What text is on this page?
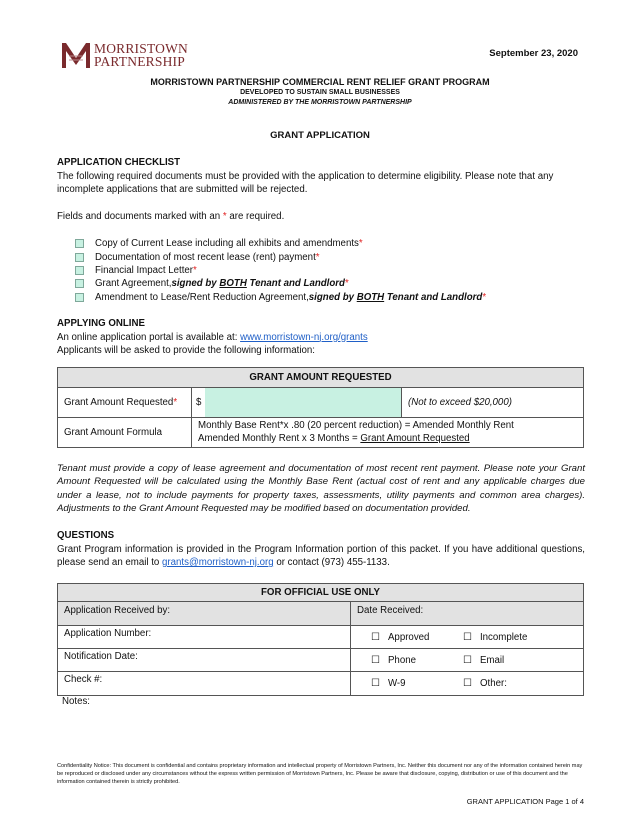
MORRISTOWN
PARTNERSHIP
September 23, 2020
MORRISTOWN PARTNERSHIP COMMERCIAL RENT RELIEF GRANT PROGRAM
DEVELOPED TO SUSTAIN SMALL BUSINESSES
ADMINISTERED BY THE MORRISTOWN PARTNERSHIP
GRANT APPLICATION
APPLICATION CHECKLIST
The following required documents must be provided with the application to determine eligibility. Please note that any incomplete applications that are submitted will be rejected.
Fields and documents marked with an * are required.
Copy of Current Lease including all exhibits and amendments *
Documentation of most recent lease (rent) payment *
Financial Impact Letter *
Grant Agreement, signed by BOTH Tenant and Landlord *
Amendment to Lease/Rent Reduction Agreement, signed by BOTH Tenant and Landlord *
APPLYING ONLINE
An online application portal is available at: www.morristown-nj.org/grants
Applicants will be asked to provide the following information:
GRANT AMOUNT REQUESTED		
Grant Amount Requested*	$	(Not to exceed $20,000)
Grant Amount Formula	Monthly Base Rent*x .80 (20 percent reduction) = Amended Monthly Rent
Amended Monthly Rent x 3 Months = Grant Amount Requested	
Tenant must provide a copy of lease agreement and documentation of most recent rent payment. Please note your Grant Amount Requested will be calculated using the Monthly Base Rent (actual cost of rent and any applicable charges due under a lease, not to include payments for property taxes, assessments, utility payments and common area charges). Adjustments to the Grant Amount Requested may be modified based on documentation provided.
QUESTIONS
Grant Program information is provided in the Program Information portion of this packet. If you have additional questions, please send an email to grants@morristown-nj.org or contact (973) 455-1133.
FOR OFFICIAL USE ONLY	
Application Received by:	Date Received:
Application Number:	☐ Approved ☐ Incomplete
Notification Date:	☐ Phone ☐ Email
Check #:	☐ W-9 ☐ Other:
Notes:
Confidentiality Notice: This document is confidential and contains proprietary information and intellectual property of Morristown Partners, Inc. Neither this document nor any of the information contained herein may be reproduced or disclosed under any circumstances without the express written permission of Morristown Partners, Inc. Please be aware that disclosure, copying, distribution or use of this document and the information contained therein is strictly prohibited.
GRANT APPLICATION Page 1 of 4
